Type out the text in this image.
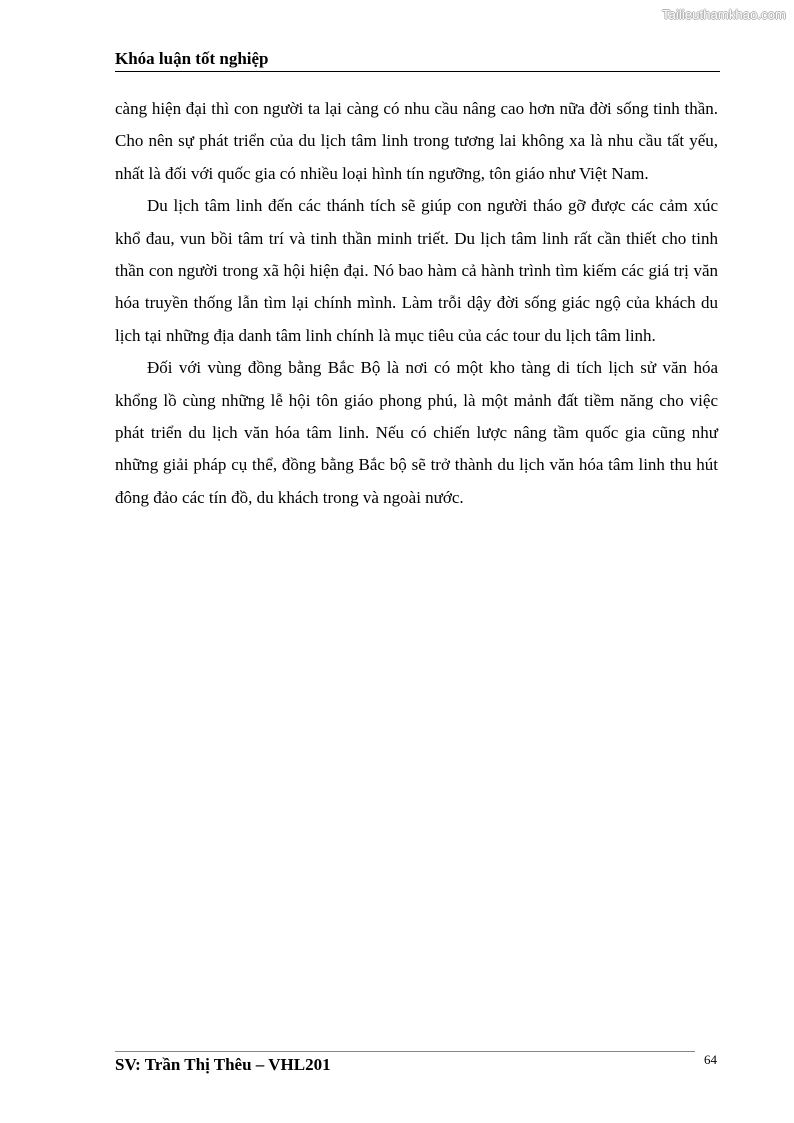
Tailieuthamkhao.com
Khóa luận tốt nghiệp

càng hiện đại thì con người ta lại càng có nhu cầu nâng cao hơn nữa đời sống tinh thần. Cho nên sự phát triển của du lịch tâm linh trong tương lai không xa là nhu cầu tất yếu, nhất là đối với quốc gia có nhiều loại hình tín ngưỡng, tôn giáo như Việt Nam.

Du lịch tâm linh đến các thánh tích sẽ giúp con người tháo gỡ được các cảm xúc khổ đau, vun bồi tâm trí và tinh thần minh triết. Du lịch tâm linh rất cần thiết cho tinh thần con người trong xã hội hiện đại. Nó bao hàm cả hành trình tìm kiếm các giá trị văn hóa truyền thống lẫn tìm lại chính mình. Làm trỗi dậy đời sống giác ngộ của khách du lịch tại những địa danh tâm linh chính là mục tiêu của các tour du lịch tâm linh.

Đối với vùng đồng bằng Bắc Bộ là nơi có một kho tàng di tích lịch sử văn hóa khổng lồ cùng những lễ hội tôn giáo phong phú, là một mảnh đất tiềm năng cho việc phát triển du lịch văn hóa tâm linh. Nếu có chiến lược nâng tầm quốc gia cũng như những giải pháp cụ thể, đồng bằng Bắc bộ sẽ trở thành du lịch văn hóa tâm linh thu hút đông đảo các tín đồ, du khách trong và ngoài nước.

SV: Trần Thị Thêu – VHL201	64
